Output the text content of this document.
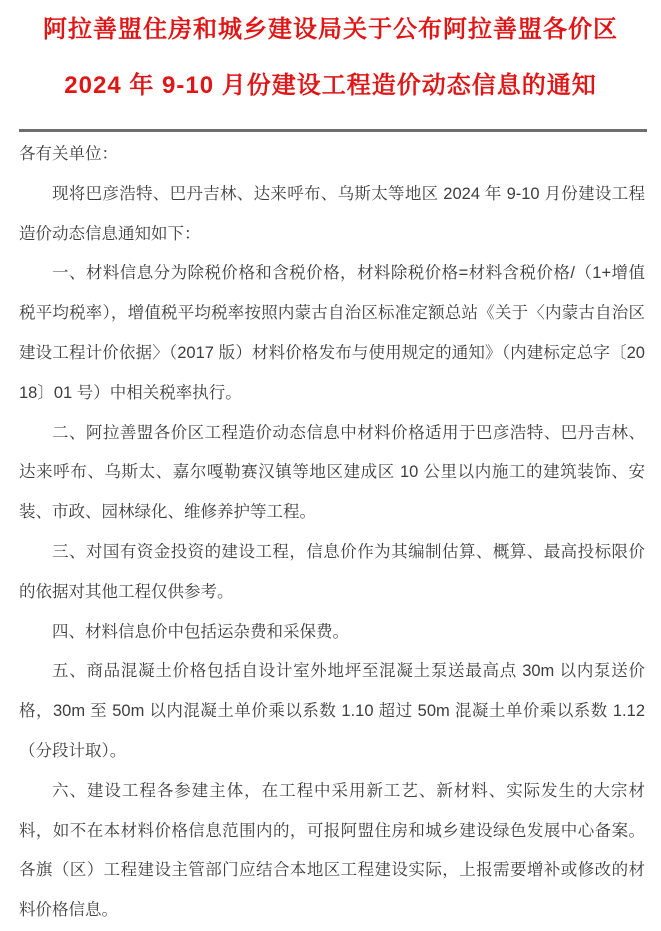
阿拉善盟住房和城乡建设局关于公布阿拉善盟各价区
2024 年 9-10 月份建设工程造价动态信息的通知

各有关单位：

现将巴彦浩特、巴丹吉林、达来呼布、乌斯太等地区 2024 年 9-10 月份建设工程造价动态信息通知如下：

一、材料信息分为除税价格和含税价格，材料除税价格=材料含税价格/（1+增值税平均税率），增值税平均税率按照内蒙古自治区标准定额总站《关于〈内蒙古自治区建设工程计价依据〉（2017 版）材料价格发布与使用规定的通知》（内建标定总字〔2018〕01 号）中相关税率执行。

二、阿拉善盟各价区工程造价动态信息中材料价格适用于巴彦浩特、巴丹吉林、达来呼布、乌斯太、嘉尔嘎勒赛汉镇等地区建成区 10 公里以内施工的建筑装饰、安装、市政、园林绿化、维修养护等工程。

三、对国有资金投资的建设工程，信息价作为其编制估算、概算、最高投标限价的依据对其他工程仅供参考。

四、材料信息价中包括运杂费和采保费。

五、商品混凝土价格包括自设计室外地坪至混凝土泵送最高点 30m 以内泵送价格，30m 至 50m 以内混凝土单价乘以系数 1.10 超过 50m 混凝土单价乘以系数 1.12（分段计取）。

六、建设工程各参建主体，在工程中采用新工艺、新材料、实际发生的大宗材料，如不在本材料价格信息范围内的，可报阿盟住房和城乡建设绿色发展中心备案。各旗（区）工程建设主管部门应结合本地区工程建设实际，上报需要增补或修改的材料价格信息。
